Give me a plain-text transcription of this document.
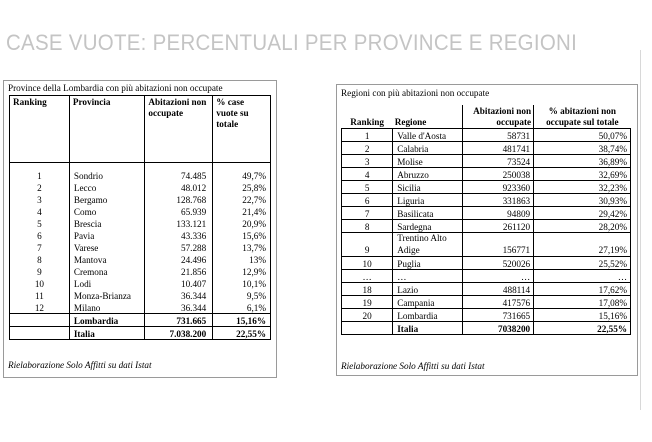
CASE VUOTE: PERCENTUALI PER PROVINCE E REGIONI
Province della Lombardia con più abitazioni non occupate
Ranking	Provincia	Abitazioni non occupate	% case vuote su totale

1	Sondrio	74.485	49,7%
2	Lecco	48.012	25,8%
3	Bergamo	128.768	22,7%
4	Como	65.939	21,4%
5	Brescia	133.121	20,9%
6	Pavia	43.336	15,6%
7	Varese	57.288	13,7%
8	Mantova	24.496	13%
9	Cremona	21.856	12,9%
10	Lodi	10.407	10,1%
11	Monza-Brianza	36.344	9,5%
12	Milano	36.344	6,1%
	Lombardia	731.665	15,16%
	Italia	7.038.200	22,55%
Rielaborazione Solo Affitti su dati Istat
Regioni con più abitazioni non occupate
Ranking	Regione	Abitazioni non occupate	% abitazioni non occupate sul totale
1	Valle d'Aosta	58731	50,07%
2	Calabria	481741	38,74%
3	Molise	73524	36,89%
4	Abruzzo	250038	32,69%
5	Sicilia	923360	32,23%
6	Liguria	331863	30,93%
7	Basilicata	94809	29,42%
8	Sardegna	261120	28,20%
9	Trentino Alto Adige	156771	27,19%
10	Puglia	520026	25,52%
…	…	…	…
18	Lazio	488114	17,62%
19	Campania	417576	17,08%
20	Lombardia	731665	15,16%
	Italia	7038200	22,55%
Rielaborazione Solo Affitti su dati Istat
